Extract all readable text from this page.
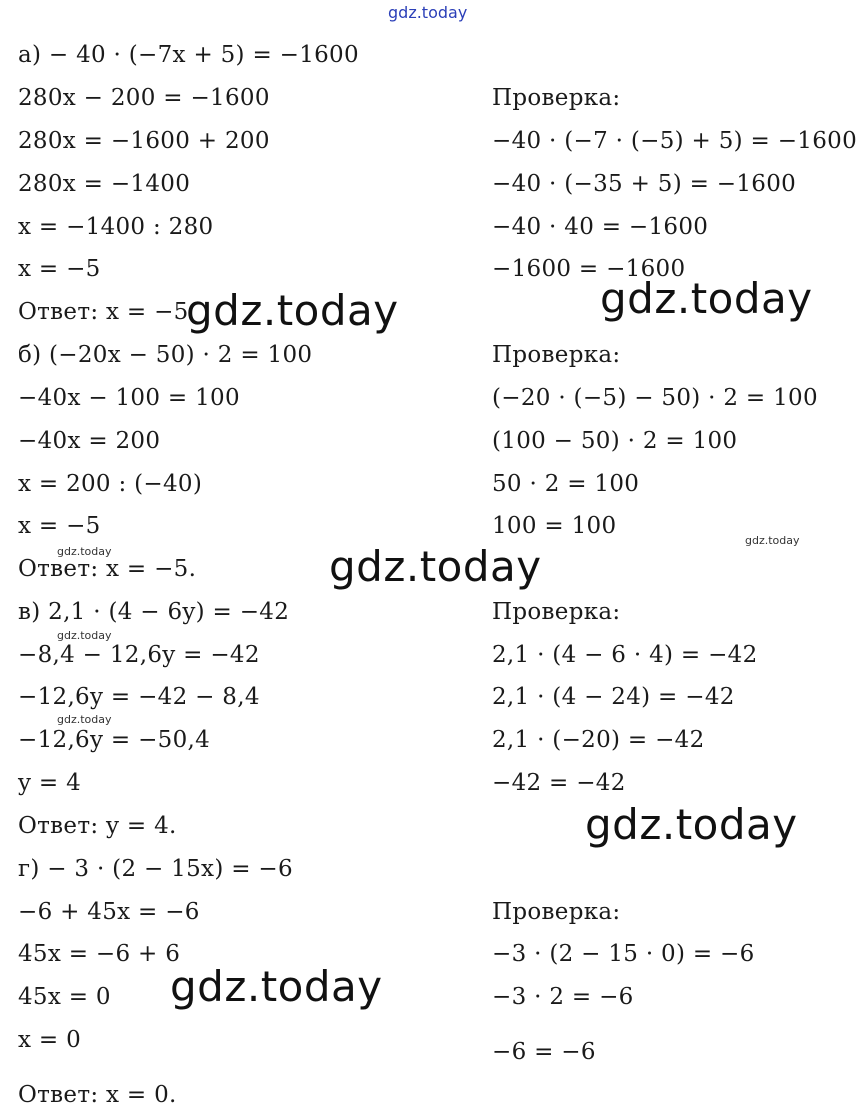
gdz.today
а) − 40 · (−7x + 5) = −1600
280x − 200 = −1600
280x = −1600 + 200
280x = −1400
x = −1400 : 280
x = −5
Ответ: x = −5
б) (−20x − 50) · 2 = 100
−40x − 100 = 100
−40x = 200
x = 200 : (−40)
x = −5
Ответ: x = −5.
в) 2,1 · (4 − 6y) = −42
−8,4 − 12,6y = −42
−12,6y = −42 − 8,4
−12,6y = −50,4
y = 4
Ответ: y = 4.
г) − 3 · (2 − 15x) = −6
−6 + 45x = −6
45x = −6 + 6
45x = 0
x = 0
Ответ: x = 0.
Проверка:
−40 · (−7 · (−5) + 5) = −1600
−40 · (−35 + 5) = −1600
−40 · 40 = −1600
−1600 = −1600
Проверка:
(−20 · (−5) − 50) · 2 = 100
(100 − 50) · 2 = 100
50 · 2 = 100
100 = 100
Проверка:
2,1 · (4 − 6 · 4) = −42
2,1 · (4 − 24) = −42
2,1 · (−20) = −42
−42 = −42
Проверка:
−3 · (2 − 15 · 0) = −6
−3 · 2 = −6
−6 = −6
gdz.today	gdz.today
gdz.today
gdz.today
gdz.today
gdz.today
gdz.today
gdz.today
gdz.today
